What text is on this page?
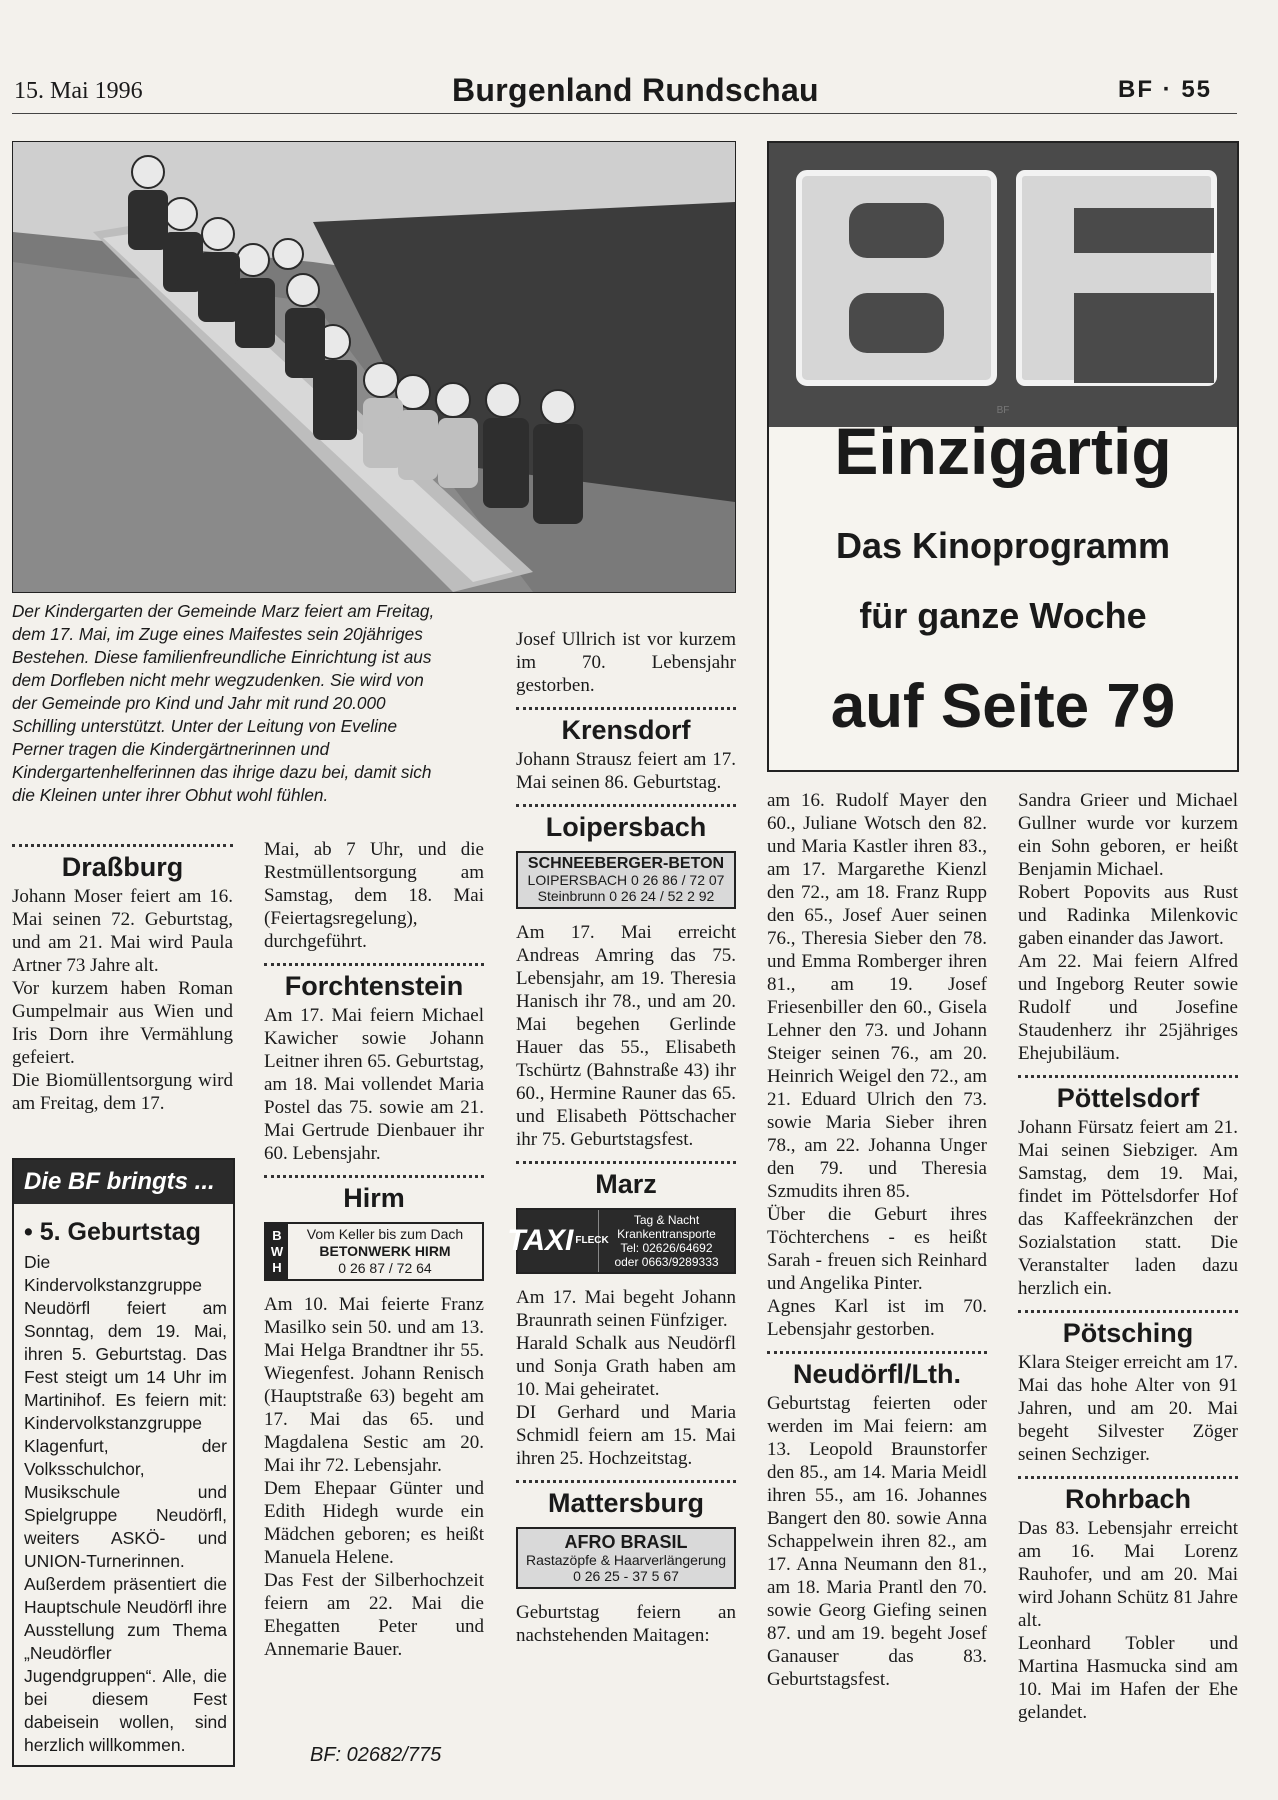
15. Mai 1996	Burgenland Rundschau	BF · 55
Der Kindergarten der Gemeinde Marz feiert am Freitag, dem 17. Mai, im Zuge eines Maifestes sein 20jähriges Bestehen. Diese familienfreundliche Einrichtung ist aus dem Dorfleben nicht mehr wegzudenken. Sie wird von der Gemeinde pro Kind und Jahr mit rund 20.000 Schilling unterstützt. Unter der Leitung von Eveline Perner tragen die Kindergärtnerinnen und Kindergartenhelferinnen das ihrige dazu bei, damit sich die Kleinen unter ihrer Obhut wohl fühlen.
BF
Einzigartig
Das Kinoprogramm
für ganze Woche
auf Seite 79
Draßburg

Johann Moser feiert am 16. Mai seinen 72. Geburtstag, und am 21. Mai wird Paula Artner 73 Jahre alt.

Vor kurzem haben Roman Gumpelmair aus Wien und Iris Dorn ihre Vermählung gefeiert.

Die Biomüllentsorgung wird am Freitag, dem 17.

Die BF bringts ...
• 5. Geburtstag
Die Kindervolkstanzgruppe Neudörfl feiert am Sonntag, dem 19. Mai, ihren 5. Geburtstag. Das Fest steigt um 14 Uhr im Martinihof. Es feiern mit: Kindervolkstanzgruppe Klagenfurt, der Volksschulchor, Musikschule und Spielgruppe Neudörfl, weiters ASKÖ- und UNION-Turnerinnen. Außerdem präsentiert die Hauptschule Neudörfl ihre Ausstellung zum Thema „Neudörfler Jugendgruppen“. Alle, die bei diesem Fest dabeisein wollen, sind herzlich willkommen.

Mai, ab 7 Uhr, und die Restmüllentsorgung am Samstag, dem 18. Mai (Feiertagsregelung), durchgeführt.

Forchtenstein

Am 17. Mai feiern Michael Kawicher sowie Johann Leitner ihren 65. Geburtstag, am 18. Mai vollendet Maria Postel das 75. sowie am 21. Mai Gertrude Dienbauer ihr 60. Lebensjahr.

Hirm
B
W
H
Vom Keller bis zum Dach
BETONWERK HIRM
0 26 87 / 72 64

Am 10. Mai feierte Franz Masilko sein 50. und am 13. Mai Helga Brandtner ihr 55. Wiegenfest. Johann Renisch (Hauptstraße 63) begeht am 17. Mai das 65. und Magdalena Sestic am 20. Mai ihr 72. Lebensjahr.

Dem Ehepaar Günter und Edith Hidegh wurde ein Mädchen geboren; es heißt Manuela Helene.

Das Fest der Silberhochzeit feiern am 22. Mai die Ehegatten Peter und Annemarie Bauer.

BF: 02682/775

Josef Ullrich ist vor kurzem im 70. Lebensjahr gestorben.

Krensdorf

Johann Strausz feiert am 17. Mai seinen 86. Geburtstag.

Loipersbach
SCHNEEBERGER-BETON
LOIPERSBACH 0 26 86 / 72 07
Steinbrunn 0 26 24 / 52 2 92

Am 17. Mai erreicht Andreas Amring das 75. Lebensjahr, am 19. Theresia Hanisch ihr 78., und am 20. Mai begehen Gerlinde Hauer das 55., Elisabeth Tschürtz (Bahnstraße 43) ihr 60., Hermine Rauner das 65. und Elisabeth Pöttschacher ihr 75. Geburtstagsfest.

Marz
TAXI FLECK
Tag & Nacht
Krankentransporte
Tel: 02626/64692
oder 0663/9289333

Am 17. Mai begeht Johann Braunrath seinen Fünfziger.

Harald Schalk aus Neudörfl und Sonja Grath haben am 10. Mai geheiratet.

DI Gerhard und Maria Schmidl feiern am 15. Mai ihren 25. Hochzeitstag.

Mattersburg
AFRO BRASIL
Rastazöpfe & Haarverlängerung
0 26 25 - 37 5 67

Geburtstag feiern an nachstehenden Maitagen:

am 16. Rudolf Mayer den 60., Juliane Wotsch den 82. und Maria Kastler ihren 83., am 17. Margarethe Kienzl den 72., am 18. Franz Rupp den 65., Josef Auer seinen 76., Theresia Sieber den 78. und Emma Romberger ihren 81., am 19. Josef Friesenbiller den 60., Gisela Lehner den 73. und Johann Steiger seinen 76., am 20. Heinrich Weigel den 72., am 21. Eduard Ulrich den 73. sowie Maria Sieber ihren 78., am 22. Johanna Unger den 79. und Theresia Szmudits ihren 85.

Über die Geburt ihres Töchterchens - es heißt Sarah - freuen sich Reinhard und Angelika Pinter.

Agnes Karl ist im 70. Lebensjahr gestorben.

Neudörfl/Lth.

Geburtstag feierten oder werden im Mai feiern: am 13. Leopold Braunstorfer den 85., am 14. Maria Meidl ihren 55., am 16. Johannes Bangert den 80. sowie Anna Schappelwein ihren 82., am 17. Anna Neumann den 81., am 18. Maria Prantl den 70. sowie Georg Giefing seinen 87. und am 19. begeht Josef Ganauser das 83. Geburtstagsfest.

Sandra Grieer und Michael Gullner wurde vor kurzem ein Sohn geboren, er heißt Benjamin Michael.

Robert Popovits aus Rust und Radinka Milenkovic gaben einander das Jawort.

Am 22. Mai feiern Alfred und Ingeborg Reuter sowie Rudolf und Josefine Staudenherz ihr 25jähriges Ehejubiläum.

Pöttelsdorf

Johann Fürsatz feiert am 21. Mai seinen Siebziger. Am Samstag, dem 19. Mai, findet im Pöttelsdorfer Hof das Kaffeekränzchen der Sozialstation statt. Die Veranstalter laden dazu herzlich ein.

Pötsching

Klara Steiger erreicht am 17. Mai das hohe Alter von 91 Jahren, und am 20. Mai begeht Silvester Zöger seinen Sechziger.

Rohrbach

Das 83. Lebensjahr erreicht am 16. Mai Lorenz Rauhofer, und am 20. Mai wird Johann Schütz 81 Jahre alt.

Leonhard Tobler und Martina Hasmucka sind am 10. Mai im Hafen der Ehe gelandet.
